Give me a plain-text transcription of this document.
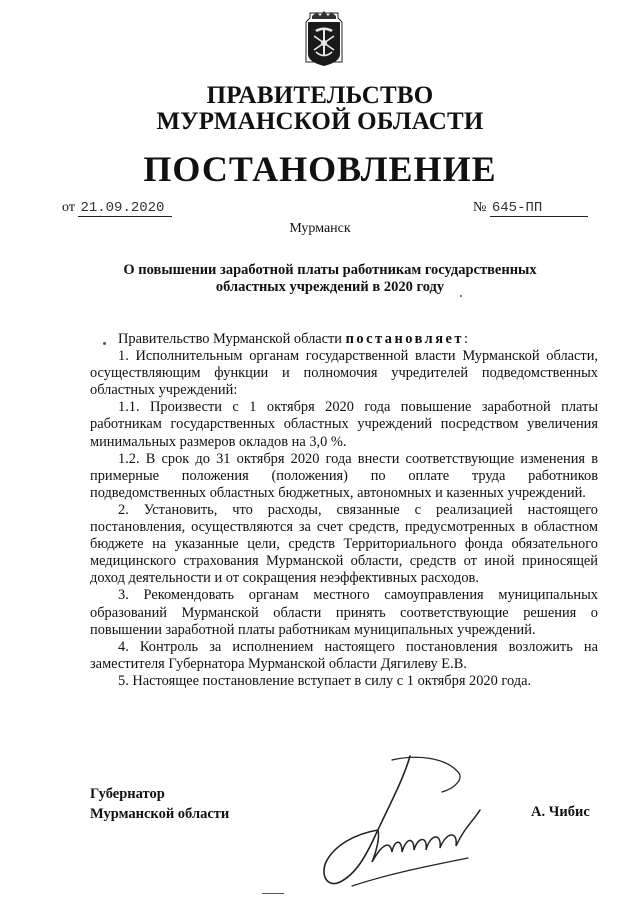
ПРАВИТЕЛЬСТВО
МУРМАНСКОЙ ОБЛАСТИ
ПОСТАНОВЛЕНИЕ
от 21.09.2020	№ 645-ПП
Мурманск
О повышении заработной платы работникам государственных
областных учреждений в 2020 году

Правительство Мурманской области постановляет:

1. Исполнительным органам государственной власти Мурманской области, осуществляющим функции и полномочия учредителей подведомственных областных учреждений:

1.1. Произвести с 1 октября 2020 года повышение заработной платы работникам государственных областных учреждений посредством увеличения минимальных размеров окладов на 3,0 %.

1.2. В срок до 31 октября 2020 года внести соответствующие изменения в примерные положения (положения) по оплате труда работников подведомственных областных бюджетных, автономных и казенных учреждений.

2. Установить, что расходы, связанные с реализацией настоящего постановления, осуществляются за счет средств, предусмотренных в областном бюджете на указанные цели, средств Территориального фонда обязательного медицинского страхования Мурманской области, средств от иной приносящей доход деятельности и от сокращения неэффективных расходов.

3. Рекомендовать органам местного самоуправления муниципальных образований Мурманской области принять соответствующие решения о повышении заработной платы работникам муниципальных учреждений.

4. Контроль за исполнением настоящего постановления возложить на заместителя Губернатора Мурманской области Дягилеву Е.В.

5. Настоящее постановление вступает в силу с 1 октября 2020 года.

Губернатор
Мурманской области	А. Чибис
